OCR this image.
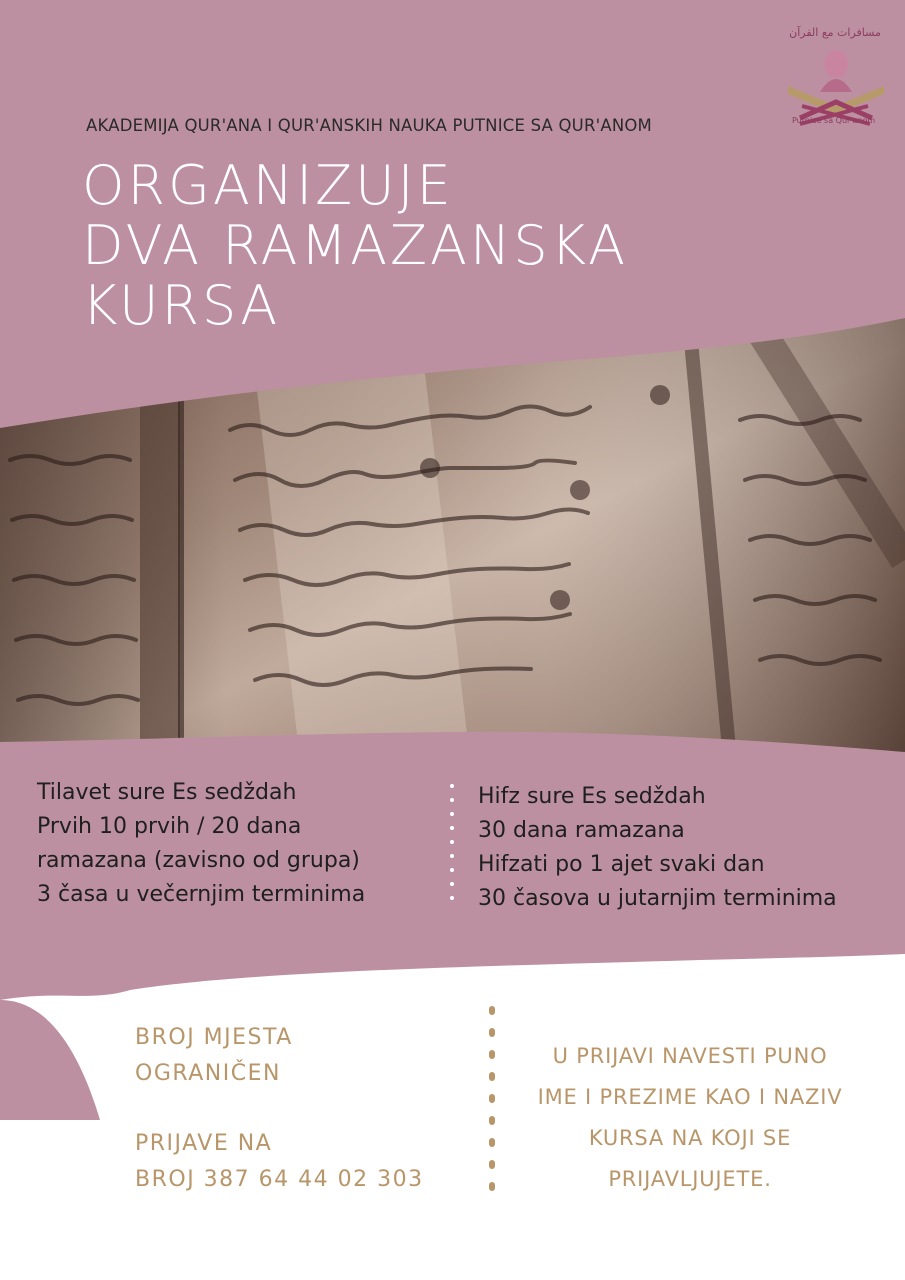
مسافرات مع القرآن
Putnice sa Qur'anom
AKADEMIJA QUR'ANA I QUR'ANSKIH NAUKA PUTNICE SA QUR'ANOM
ORGANIZUJE
DVA RAMAZANSKA
KURSA
Tilavet sure Es sedždah
Prvih 10 prvih / 20 dana
ramazana (zavisno od grupa)
3 časa u večernjim terminima
Hifz sure Es sedždah
30 dana ramazana
Hifzati po 1 ajet svaki dan
30 časova u jutarnjim terminima
BROJ MJESTA
OGRANIČEN
PRIJAVE NA
BROJ 387 64 44 02 303
U PRIJAVI NAVESTI PUNO
IME I PREZIME KAO I NAZIV
KURSA NA KOJI SE
PRIJAVLJUJETE.
